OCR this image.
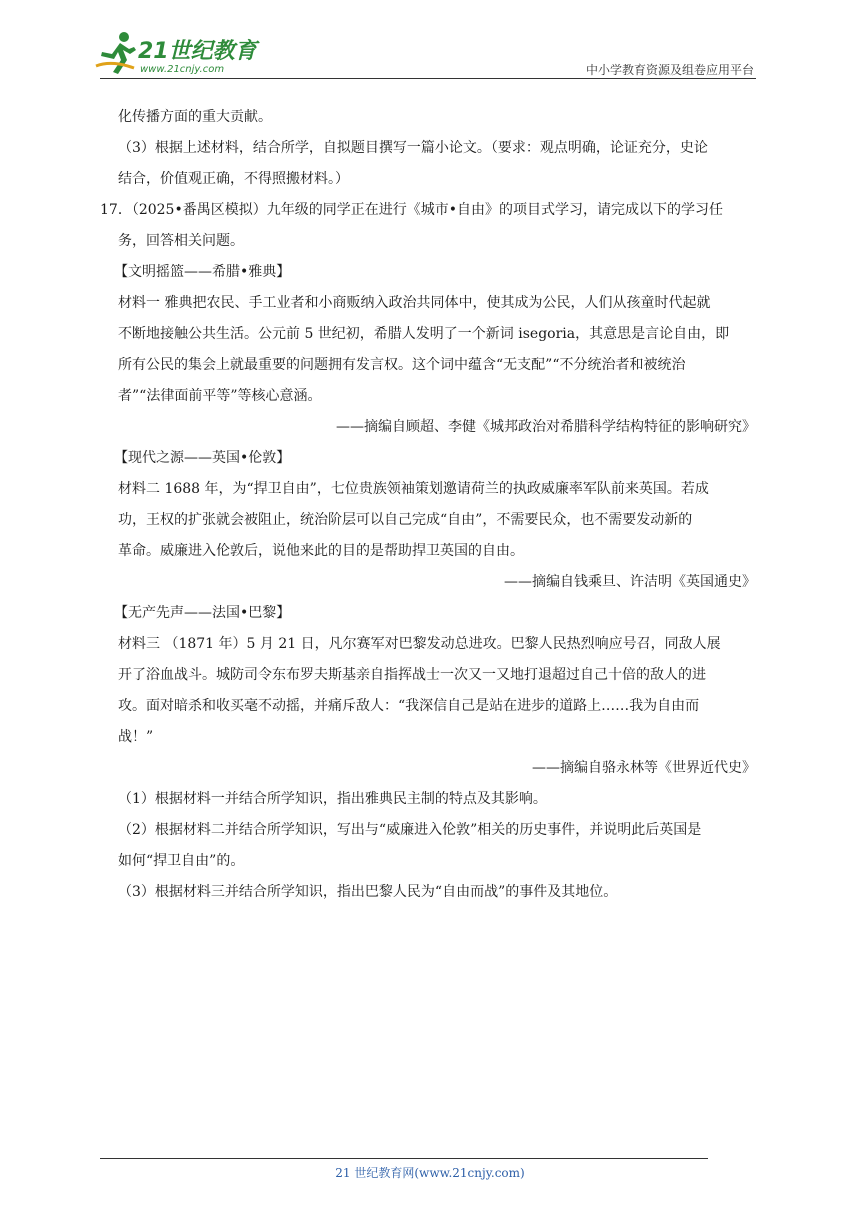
21世纪教育
www.21cnjy.com	中小学教育资源及组卷应用平台
化传播方面的重大贡献。
（3）根据上述材料，结合所学，自拟题目撰写一篇小论文。（要求：观点明确，论证充分，史论
结合，价值观正确，不得照搬材料。）
17．（2025•番禺区模拟）九年级的同学正在进行《城市•自由》的项目式学习，请完成以下的学习任
务，回答相关问题。
【文明摇篮——希腊•雅典】
材料一 雅典把农民、手工业者和小商贩纳入政治共同体中，使其成为公民，人们从孩童时代起就
不断地接触公共生活。公元前 5 世纪初，希腊人发明了一个新词 isegoria，其意思是言论自由，即
所有公民的集会上就最重要的问题拥有发言权。这个词中蕴含“无支配”“不分统治者和被统治
者”“法律面前平等”等核心意涵。
——摘编自顾超、李健《城邦政治对希腊科学结构特征的影响研究》
【现代之源——英国•伦敦】
材料二 1688 年，为“捍卫自由”，七位贵族领袖策划邀请荷兰的执政威廉率军队前来英国。若成
功，王权的扩张就会被阻止，统治阶层可以自己完成“自由”，不需要民众，也不需要发动新的
革命。威廉进入伦敦后，说他来此的目的是帮助捍卫英国的自由。
——摘编自钱乘旦、许洁明《英国通史》
【无产先声——法国•巴黎】
材料三 （1871 年）5 月 21 日，凡尔赛军对巴黎发动总进攻。巴黎人民热烈响应号召，同敌人展
开了浴血战斗。城防司令东布罗夫斯基亲自指挥战士一次又一又地打退超过自己十倍的敌人的进
攻。面对暗杀和收买毫不动摇，并痛斥敌人：“我深信自己是站在进步的道路上……我为自由而
战！”
——摘编自骆永林等《世界近代史》
（1）根据材料一并结合所学知识，指出雅典民主制的特点及其影响。
（2）根据材料二并结合所学知识，写出与“威廉进入伦敦”相关的历史事件，并说明此后英国是
如何“捍卫自由”的。
（3）根据材料三并结合所学知识，指出巴黎人民为“自由而战”的事件及其地位。
21 世纪教育网(www.21cnjy.com)
